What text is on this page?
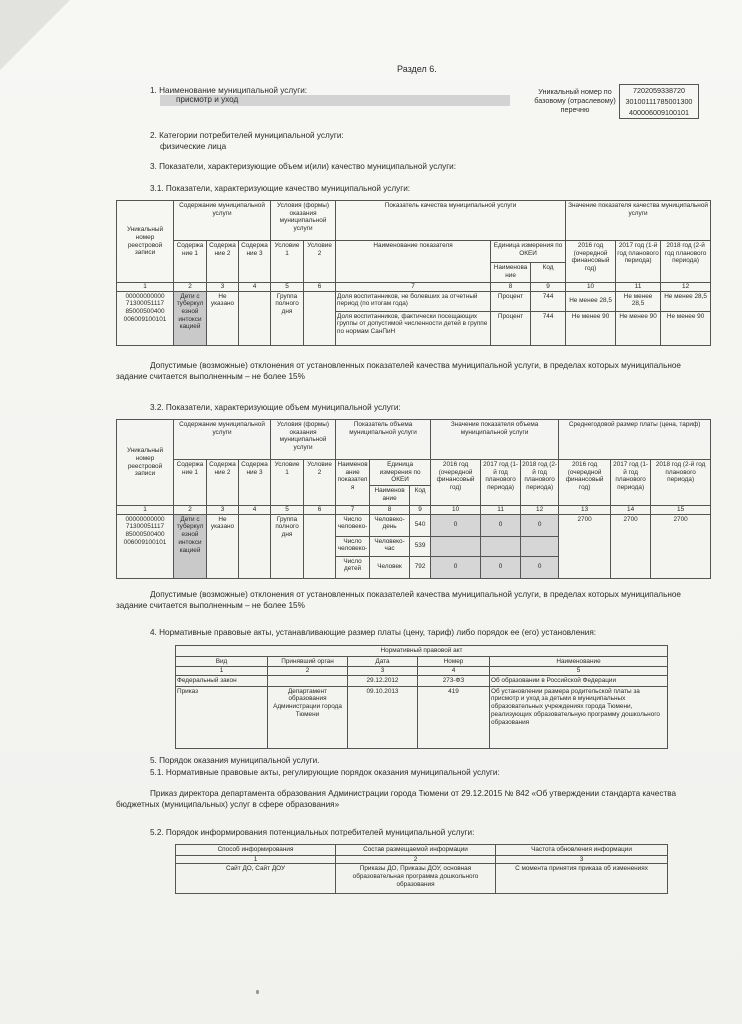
Раздел 6.
1. Наименование муниципальной услуги:
присмотр и уход
Уникальный номер по базовому (отраслевому) перечню
7202059338720
30100111785001300
400006009100101
2. Категории потребителей муниципальной услуги:
физические лица
3. Показатели, характеризующие объем и(или) качество муниципальной услуги:
3.1. Показатели, характеризующие качество муниципальной услуги:
Уникальный номер реестровой записи	Содержание муниципальной услуги			Условия (формы) оказания муниципальной услуги		Показатель качества муниципальной услуги			Значение показателя качества муниципальной услуги		
	Содержа ние 1	Содержа ние 2	Содержа ние 3	Условие 1	Условие 2	Наименование показателя	Единица измерения по ОКЕИ		2016 год (очередной финансовый год)	2017 год (1-й год планового периода)	2018 год (2-й год планового периода)
							Наименова ние	Код			
1	2	3	4	5	6	7	8	9	10	11	12
00000000000 71300051117 85000500400 006009100101	Дети с туберкул езной интокси кацией	Не указано		Группа полного дня		Доля воспитанников, не болевших за отчетный период (по итогам года)	Процент	744	Не менее 28,5	Не менее 28,5	Не менее 28,5
						Доля воспитанников, фактически посещающих группы от допустимой численности детей в группе по нормам СанПиН	Процент	744	Не менее 90	Не менее 90	Не менее 90
Допустимые (возможные) отклонения от установленных показателей качества муниципальной услуги, в пределах которых муниципальное задание считается выполненным – не более 15%
3.2. Показатели, характеризующие объем муниципальной услуги:
Уникальный номер реестровой записи	Содержание муниципальной услуги			Условия (формы) оказания муниципальной услуги		Показатель объема муниципальной услуги			Значение показателя объема муниципальной услуги			Среднегодовой размер платы (цена, тариф)		
	Содержа ние 1	Содержа ние 2	Содержа ние 3	Условие 1	Условие 2	Наименов ание показател я	Единица измерения по ОКЕИ		2016 год (очередной финансовый год)	2017 год (1-й год планового периода)	2018 год (2-й год планового периода)	2016 год (очередной финансовый год)	2017 год (1-й год планового периода)	2018 год (2-й год планового периода)
							Наименов ание	Код						
1	2	3	4	5	6	7	8	9	10	11	12	13	14	15
00000000000 71300051117 85000500400 006009100101	Дети с туберкул езной интокси кацией	Не указано		Группа полного дня		Число человеко-	Человеко-день	540	0	0	0	2700	2700	2700
						Число человеко-	Человеко-час	539						
						Число детей	Человек	792	0	0	0			
Допустимые (возможные) отклонения от установленных показателей качества муниципальной услуги, в пределах которых муниципальное задание считается выполненным – не более 15%
4. Нормативные правовые акты, устанавливающие размер платы (цену, тариф) либо порядок ее (его) установления:
Нормативный правовой акт				
Вид	Принявший орган	Дата	Номер	Наименование
1	2	3	4	5
Федеральный закон		29.12.2012	273-ФЗ	Об образовании в Российской Федерации
Приказ	Департамент образования Администрации города Тюмени	09.10.2013	419	Об установлении размера родительской платы за присмотр и уход за детьми в муниципальных образовательных учреждениях города Тюмени, реализующих образовательную программу дошкольного образования
5. Порядок оказания муниципальной услуги.
5.1. Нормативные правовые акты, регулирующие порядок оказания муниципальной услуги:
Приказ директора департамента образования Администрации города Тюмени от 29.12.2015 № 842 «Об утверждении стандарта качества бюджетных (муниципальных) услуг в сфере образования»
5.2. Порядок информирования потенциальных потребителей муниципальной услуги:
Способ информирования	Состав размещаемой информации	Частота обновления информации
1	2	3
Сайт ДО, Сайт ДОУ	Приказы ДО, Приказы ДОУ, основная образовательная программа дошкольного образования	С момента принятия приказа об изменениях
